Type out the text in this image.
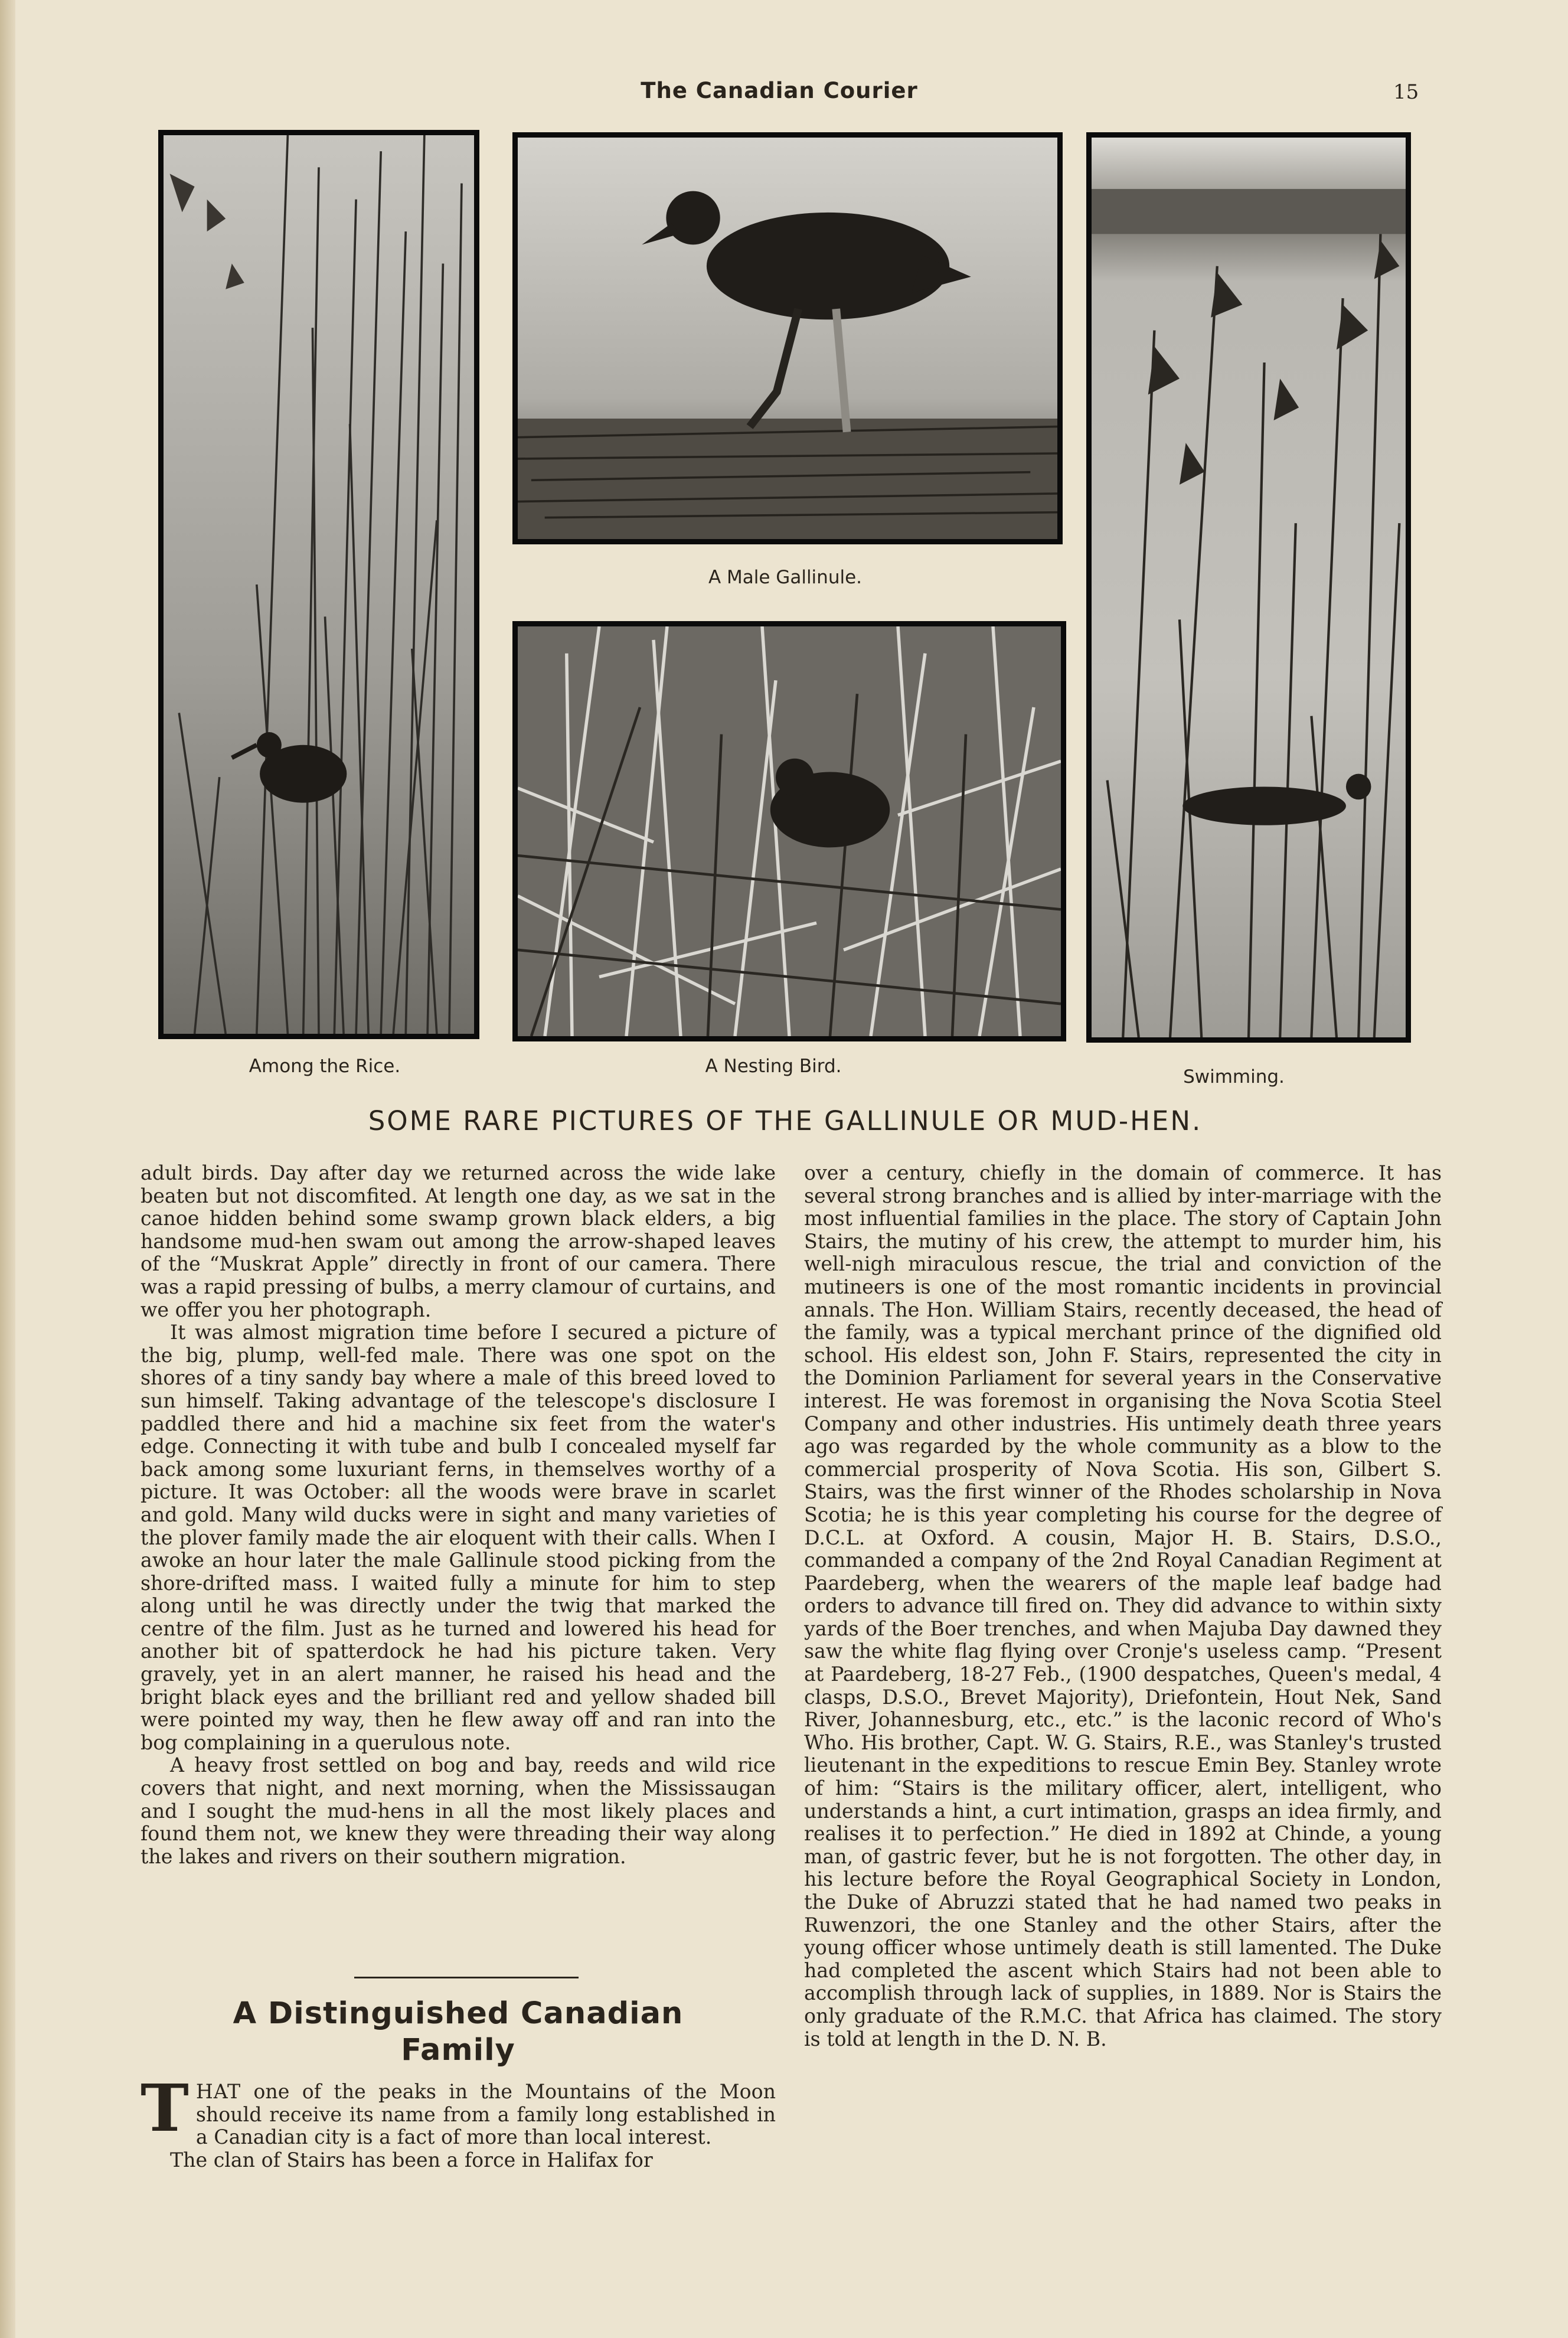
The Canadian Courier	15
Among the Rice.
A Male Gallinule.
A Nesting Bird.	Swimming.
SOME RARE PICTURES OF THE GALLINULE OR MUD-HEN.

adult birds. Day after day we returned across the wide lake beaten but not discomfited. At length one day, as we sat in the canoe hidden behind some swamp grown black elders, a big handsome mud-hen swam out among the arrow-shaped leaves of the “Muskrat Apple” directly in front of our camera. There was a rapid pressing of bulbs, a merry clamour of curtains, and we offer you her photograph.

It was almost migration time before I secured a picture of the big, plump, well-fed male. There was one spot on the shores of a tiny sandy bay where a male of this breed loved to sun himself. Taking advantage of the telescope's disclosure I paddled there and hid a machine six feet from the water's edge. Connecting it with tube and bulb I concealed myself far back among some luxuriant ferns, in themselves worthy of a picture. It was October: all the woods were brave in scarlet and gold. Many wild ducks were in sight and many varieties of the plover family made the air eloquent with their calls. When I awoke an hour later the male Gallinule stood picking from the shore-drifted mass. I waited fully a minute for him to step along until he was directly under the twig that marked the centre of the film. Just as he turned and lowered his head for another bit of spatterdock he had his picture taken. Very gravely, yet in an alert manner, he raised his head and the bright black eyes and the brilliant red and yellow shaded bill were pointed my way, then he flew away off and ran into the bog complaining in a querulous note.

A heavy frost settled on bog and bay, reeds and wild rice covers that night, and next morning, when the Mississaugan and I sought the mud-hens in all the most likely places and found them not, we knew they were threading their way along the lakes and rivers on their southern migration.

A Distinguished Canadian
Family

THAT one of the peaks in the Mountains of the Moon should receive its name from a family long established in a Canadian city is a fact of more than local interest.

The clan of Stairs has been a force in Halifax for

over a century, chiefly in the domain of commerce. It has several strong branches and is allied by inter-marriage with the most influential families in the place. The story of Captain John Stairs, the mutiny of his crew, the attempt to murder him, his well-nigh miraculous rescue, the trial and conviction of the mutineers is one of the most romantic incidents in provincial annals. The Hon. William Stairs, recently deceased, the head of the family, was a typical merchant prince of the dignified old school. His eldest son, John F. Stairs, represented the city in the Dominion Parliament for several years in the Conservative interest. He was foremost in organising the Nova Scotia Steel Company and other industries. His untimely death three years ago was regarded by the whole community as a blow to the commercial prosperity of Nova Scotia. His son, Gilbert S. Stairs, was the first winner of the Rhodes scholarship in Nova Scotia; he is this year completing his course for the degree of D.C.L. at Oxford. A cousin, Major H. B. Stairs, D.S.O., commanded a company of the 2nd Royal Canadian Regiment at Paardeberg, when the wearers of the maple leaf badge had orders to advance till fired on. They did advance to within sixty yards of the Boer trenches, and when Majuba Day dawned they saw the white flag flying over Cronje's useless camp. “Present at Paardeberg, 18-27 Feb., (1900 despatches, Queen's medal, 4 clasps, D.S.O., Brevet Majority), Driefontein, Hout Nek, Sand River, Johannesburg, etc., etc.” is the laconic record of Who's Who. His brother, Capt. W. G. Stairs, R.E., was Stanley's trusted lieutenant in the expeditions to rescue Emin Bey. Stanley wrote of him: “Stairs is the military officer, alert, intelligent, who understands a hint, a curt intimation, grasps an idea firmly, and realises it to perfection.” He died in 1892 at Chinde, a young man, of gastric fever, but he is not forgotten. The other day, in his lecture before the Royal Geographical Society in London, the Duke of Abruzzi stated that he had named two peaks in Ruwenzori, the one Stanley and the other Stairs, after the young officer whose untimely death is still lamented. The Duke had completed the ascent which Stairs had not been able to accomplish through lack of supplies, in 1889. Nor is Stairs the only graduate of the R.M.C. that Africa has claimed. The story is told at length in the D. N. B.
